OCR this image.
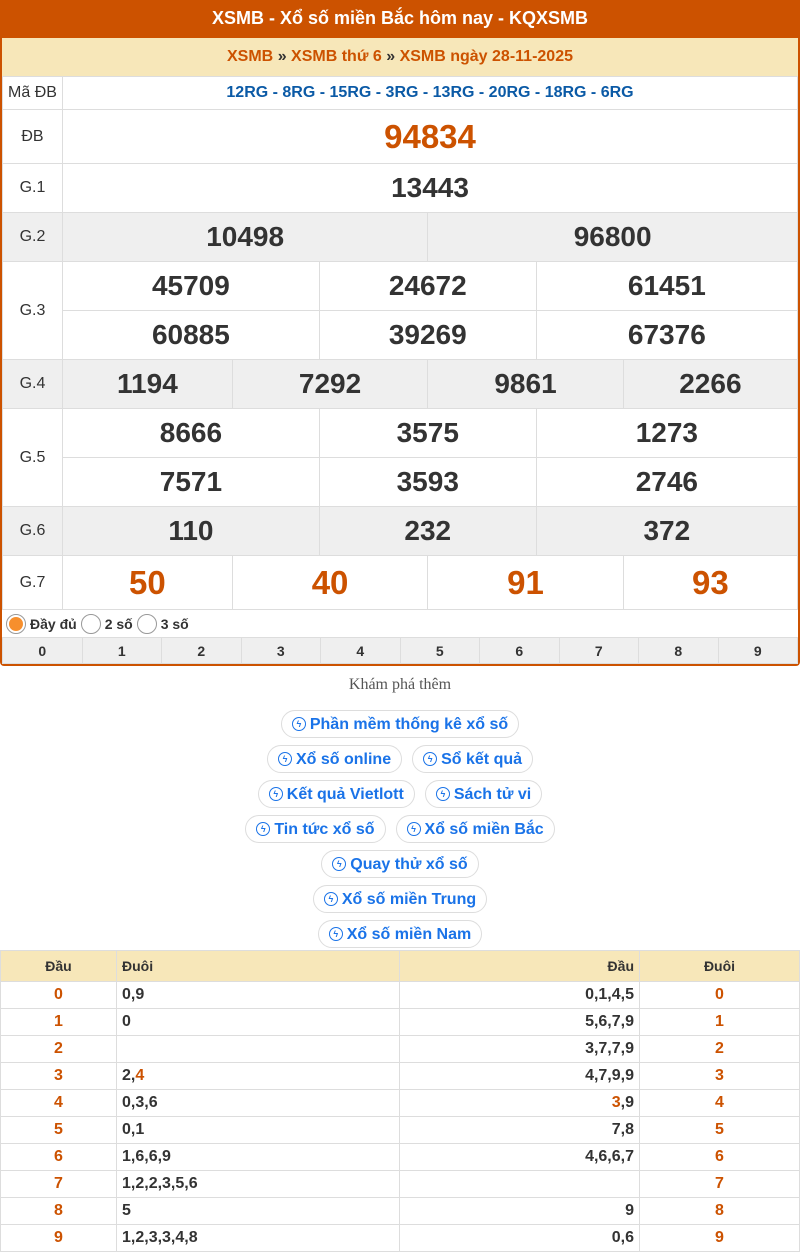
XSMB - Xổ số miền Bắc hôm nay - KQXSMB
XSMB » XSMB thứ 6 » XSMB ngày 28-11-2025
Mã ĐB	12RG - 8RG - 15RG - 3RG - 13RG - 20RG - 18RG - 6RG					
ĐB	94834					
G.1	13443					
G.2	10498			96800		
G.3	45709		24672		61451	
	60885		39269		67376	
G.4	1194	7292		9861		2266
G.5	8666		3575		1273	
	7571		3593		2746	
G.6	110		232		372	
G.7	50	40		91		93
Đầy đủ 2 số 3 số
0	1	2	3	4	5	6	7	8	9
Khám phá thêm
ϟ Phần mềm thống kê xổ số
ϟ Xổ số online	ϟ Sổ kết quả
ϟ Kết quả Vietlott	ϟ Sách tử vi
ϟ Tin tức xổ số	ϟ Xổ số miền Bắc
ϟ Quay thử xổ số
ϟ Xổ số miền Trung
ϟ Xổ số miền Nam
Đầu	Đuôi	Đầu	Đuôi
0	0,9	0,1,4,5	0
1	0	5,6,7,9	1
2		3,7,7,9	2
3	2,4	4,7,9,9	3
4	0,3,6	3,9	4
5	0,1	7,8	5
6	1,6,6,9	4,6,6,7	6
7	1,2,2,3,5,6		7
8	5	9	8
9	1,2,3,3,4,8	0,6	9
